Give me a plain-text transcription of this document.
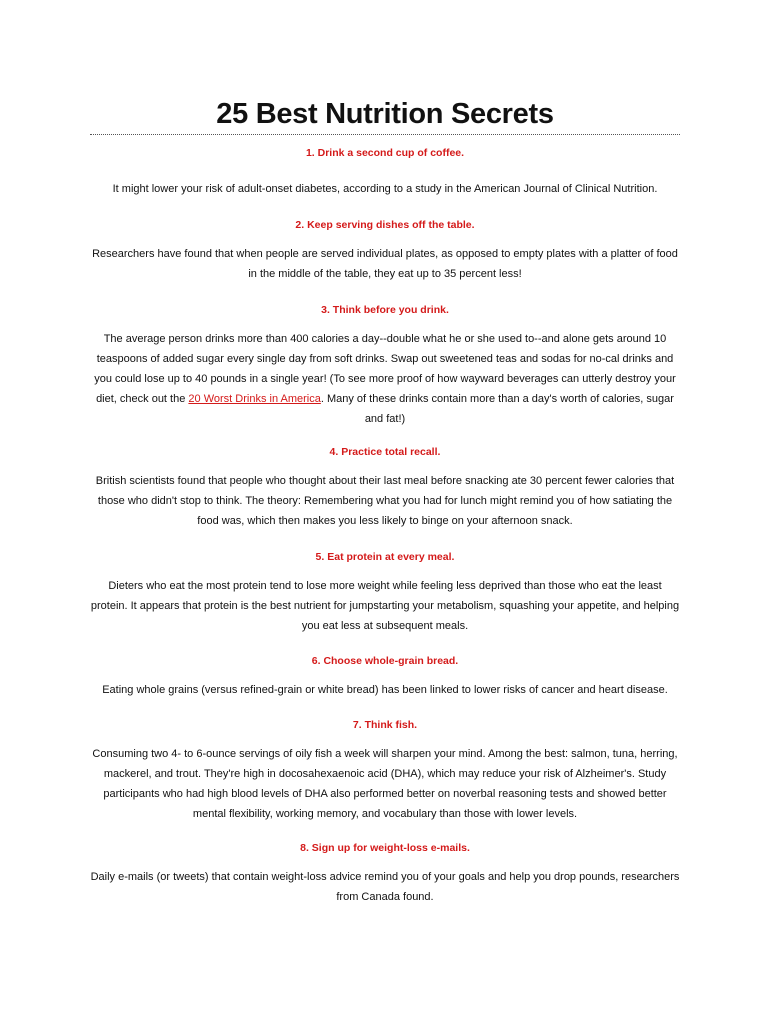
25 Best Nutrition Secrets

1. Drink a second cup of coffee.

It might lower your risk of adult-onset diabetes, according to a study in the American Journal of Clinical Nutrition.

2. Keep serving dishes off the table.

Researchers have found that when people are served individual plates, as opposed to empty plates with a platter of food in the middle of the table, they eat up to 35 percent less!

3. Think before you drink.

The average person drinks more than 400 calories a day--double what he or she used to--and alone gets around 10 teaspoons of added sugar every single day from soft drinks. Swap out sweetened teas and sodas for no-cal drinks and you could lose up to 40 pounds in a single year! (To see more proof of how wayward beverages can utterly destroy your diet, check out the 20 Worst Drinks in America. Many of these drinks contain more than a day's worth of calories, sugar and fat!)

4. Practice total recall.

British scientists found that people who thought about their last meal before snacking ate 30 percent fewer calories that those who didn't stop to think. The theory: Remembering what you had for lunch might remind you of how satiating the food was, which then makes you less likely to binge on your afternoon snack.

5. Eat protein at every meal.

Dieters who eat the most protein tend to lose more weight while feeling less deprived than those who eat the least protein. It appears that protein is the best nutrient for jumpstarting your metabolism, squashing your appetite, and helping you eat less at subsequent meals.

6. Choose whole-grain bread.

Eating whole grains (versus refined-grain or white bread) has been linked to lower risks of cancer and heart disease.

7. Think fish.

Consuming two 4- to 6-ounce servings of oily fish a week will sharpen your mind. Among the best: salmon, tuna, herring, mackerel, and trout. They're high in docosahexaenoic acid (DHA), which may reduce your risk of Alzheimer's. Study participants who had high blood levels of DHA also performed better on noverbal reasoning tests and showed better mental flexibility, working memory, and vocabulary than those with lower levels.

8. Sign up for weight-loss e-mails.

Daily e-mails (or tweets) that contain weight-loss advice remind you of your goals and help you drop pounds, researchers from Canada found.
